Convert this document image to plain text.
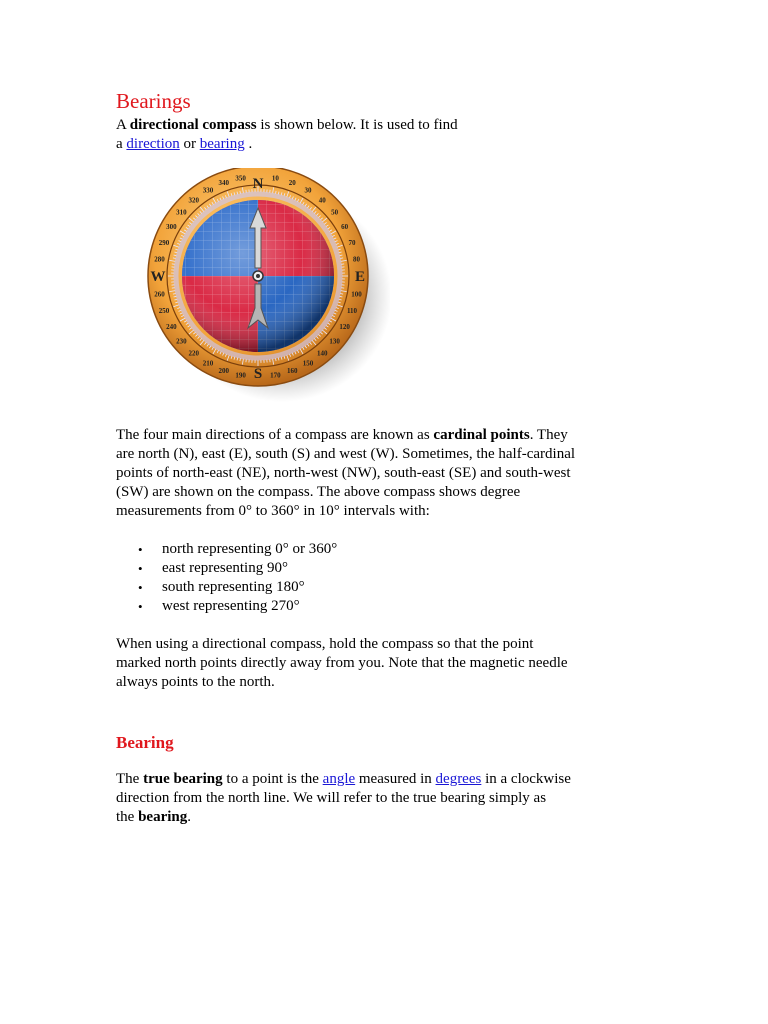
Bearings

A directional compass is shown below. It is used to find
a direction or bearing .

The four main directions of a compass are known as cardinal points. They
are north (N), east (E), south (S) and west (W). Sometimes, the half-cardinal
points of north-east (NE), north-west (NW), south-east (SE) and south-west
(SW) are shown on the compass. The above compass shows degree
measurements from 0° to 360° in 10° intervals with:

• north representing 0° or 360°
• east representing 90°
• south representing 180°
• west representing 270°

When using a directional compass, hold the compass so that the point
marked north points directly away from you. Note that the magnetic needle
always points to the north.

Bearing

The true bearing to a point is the angle measured in degrees in a clockwise
direction from the north line. We will refer to the true bearing simply as
the bearing.

10
20
30
40
50
60
70
80
100
110
120
130
140
150
160
170
190
200
210
220
230
240
250
260
280
290
300
310
320
330
340
350 N
E
S
W
